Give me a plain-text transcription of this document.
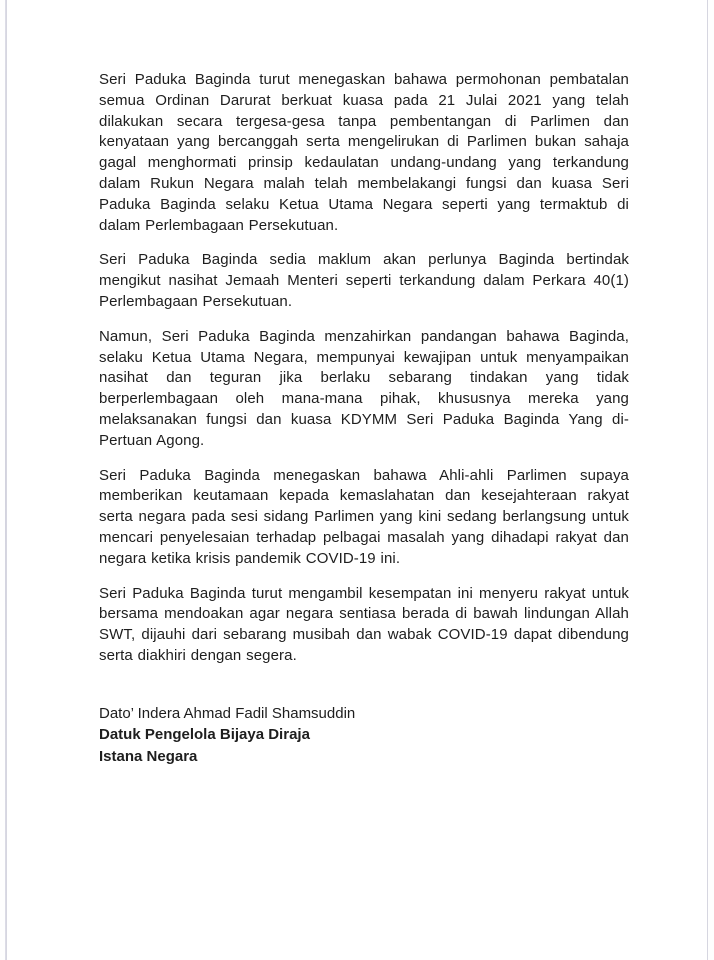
Seri Paduka Baginda turut menegaskan bahawa permohonan pembatalan semua Ordinan Darurat berkuat kuasa pada 21 Julai 2021 yang telah dilakukan secara tergesa-gesa tanpa pembentangan di Parlimen dan kenyataan yang bercanggah serta mengelirukan di Parlimen bukan sahaja gagal menghormati prinsip kedaulatan undang-undang yang terkandung dalam Rukun Negara malah telah membelakangi fungsi dan kuasa Seri Paduka Baginda selaku Ketua Utama Negara seperti yang termaktub di dalam Perlembagaan Persekutuan.

Seri Paduka Baginda sedia maklum akan perlunya Baginda bertindak mengikut nasihat Jemaah Menteri seperti terkandung dalam Perkara 40(1) Perlembagaan Persekutuan.

Namun, Seri Paduka Baginda menzahirkan pandangan bahawa Baginda, selaku Ketua Utama Negara, mempunyai kewajipan untuk menyampaikan nasihat dan teguran jika berlaku sebarang tindakan yang tidak berperlembagaan oleh mana-mana pihak, khususnya mereka yang melaksanakan fungsi dan kuasa KDYMM Seri Paduka Baginda Yang di-Pertuan Agong.

Seri Paduka Baginda menegaskan bahawa Ahli-ahli Parlimen supaya memberikan keutamaan kepada kemaslahatan dan kesejahteraan rakyat serta negara pada sesi sidang Parlimen yang kini sedang berlangsung untuk mencari penyelesaian terhadap pelbagai masalah yang dihadapi rakyat dan negara ketika krisis pandemik COVID-19 ini.

Seri Paduka Baginda turut mengambil kesempatan ini menyeru rakyat untuk bersama mendoakan agar negara sentiasa berada di bawah lindungan Allah SWT, dijauhi dari sebarang musibah dan wabak COVID-19 dapat dibendung serta diakhiri dengan segera.

Dato’ Indera Ahmad Fadil Shamsuddin
Datuk Pengelola Bijaya Diraja
Istana Negara
